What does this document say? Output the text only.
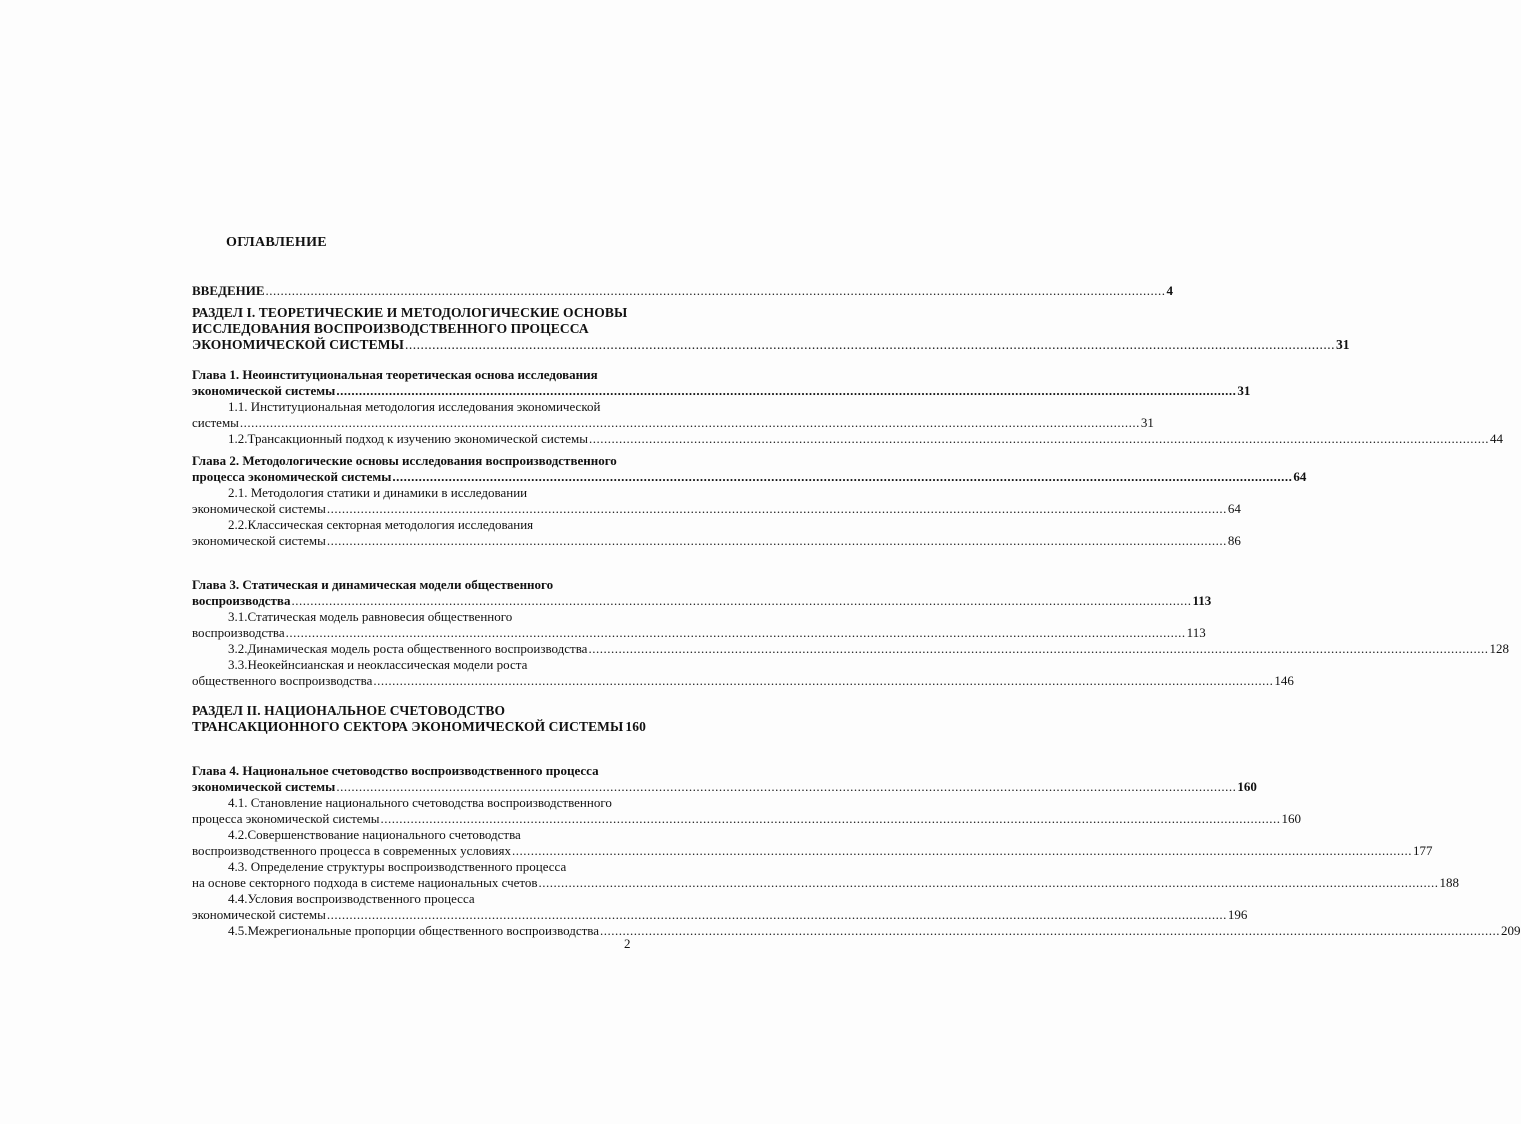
ОГЛАВЛЕНИЕ
ВВЕДЕНИЕ .....	4
РАЗДЕЛ I. ТЕОРЕТИЧЕСКИЕ И МЕТОДОЛОГИЧЕСКИЕ ОСНОВЫ
ИССЛЕДОВАНИЯ ВОСПРОИЗВОДСТВЕННОГО ПРОЦЕССА
ЭКОНОМИЧЕСКОЙ СИСТЕМЫ .....	31
Глава 1. Неоинституциональная теоретическая основа исследования
экономической системы .....	31
1.1. Институциональная методология исследования экономической
системы .....	31
1.2.Трансакционный подход к изучению экономической системы .....	44
Глава 2. Методологические основы исследования воспроизводственного
процесса экономической системы .....	64
2.1. Методология статики и динамики в исследовании
экономической системы .....	64
2.2.Классическая секторная методология исследования
экономической системы .....	86
Глава 3. Статическая и динамическая модели общественного
воспроизводства .....	113
3.1.Статическая модель равновесия общественного
воспроизводства .....	113
3.2.Динамическая модель роста общественного воспроизводства .....	128
3.3.Неокейнсианская и неоклассическая модели роста
общественного воспроизводства .....	146
РАЗДЕЛ II. НАЦИОНАЛЬНОЕ СЧЕТОВОДСТВО
ТРАНСАКЦИОННОГО СЕКТОРА ЭКОНОМИЧЕСКОЙ СИСТЕМЫ 160
Глава 4. Национальное счетоводство воспроизводственного процесса
экономической системы .....	160
4.1. Становление национального счетоводства воспроизводственного
процесса экономической системы .....	160
4.2.Совершенствование национального счетоводства
воспроизводственного процесса в современных условиях .....	177
4.3. Определение структуры воспроизводственного процесса
на основе секторного подхода в системе национальных счетов .....	188
4.4.Условия воспроизводственного процесса
экономической системы .....	196
4.5.Межрегиональные пропорции общественного воспроизводства .....	209
2
